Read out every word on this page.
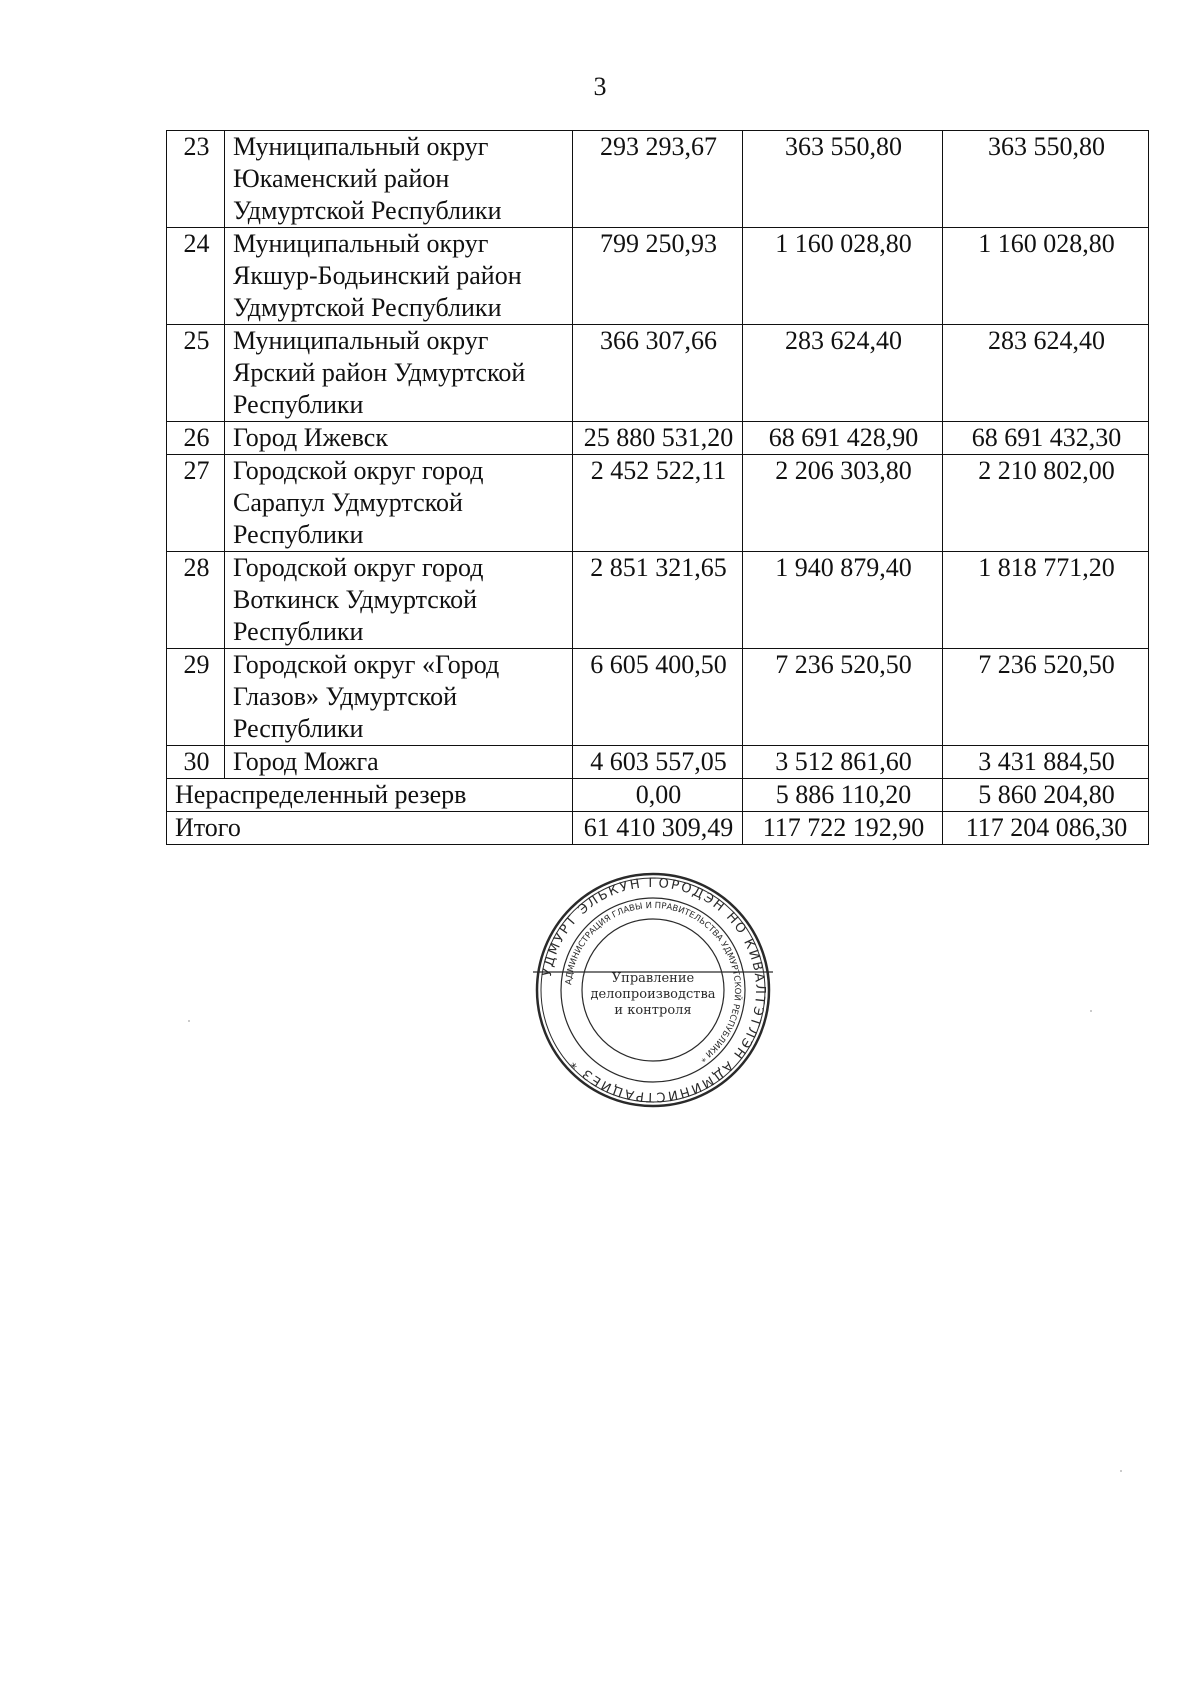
3
23	Муниципальный округ Юкаменский район Удмуртской Республики	293 293,67	363 550,80	363 550,80
24	Муниципальный округ Якшур-Бодьинский район Удмуртской Республики	799 250,93	1 160 028,80	1 160 028,80
25	Муниципальный округ Ярский район Удмуртской Республики	366 307,66	283 624,40	283 624,40
26	Город Ижевск	25 880 531,20	68 691 428,90	68 691 432,30
27	Городской округ город Сарапул Удмуртской Республики	2 452 522,11	2 206 303,80	2 210 802,00
28	Городской округ город Воткинск Удмуртской Республики	2 851 321,65	1 940 879,40	1 818 771,20
29	Городской округ «Город Глазов» Удмуртской Республики	6 605 400,50	7 236 520,50	7 236 520,50
30	Город Можга	4 603 557,05	3 512 861,60	3 431 884,50
Нераспределенный резерв		0,00	5 886 110,20	5 860 204,80
Итого		61 410 309,49	117 722 192,90	117 204 086,30
УДМУРТ ЭЛЬКУН ГОРОДЭН НО КИВАЛТЭТЛЭН АДМИНИСТРАЦИЕЗ *
АДМИНИСТРАЦИЯ ГЛАВЫ И ПРАВИТЕЛЬСТВА УДМУРТСКОЙ РЕСПУБЛИКИ *
Управление
делопроизводства
и контроля
